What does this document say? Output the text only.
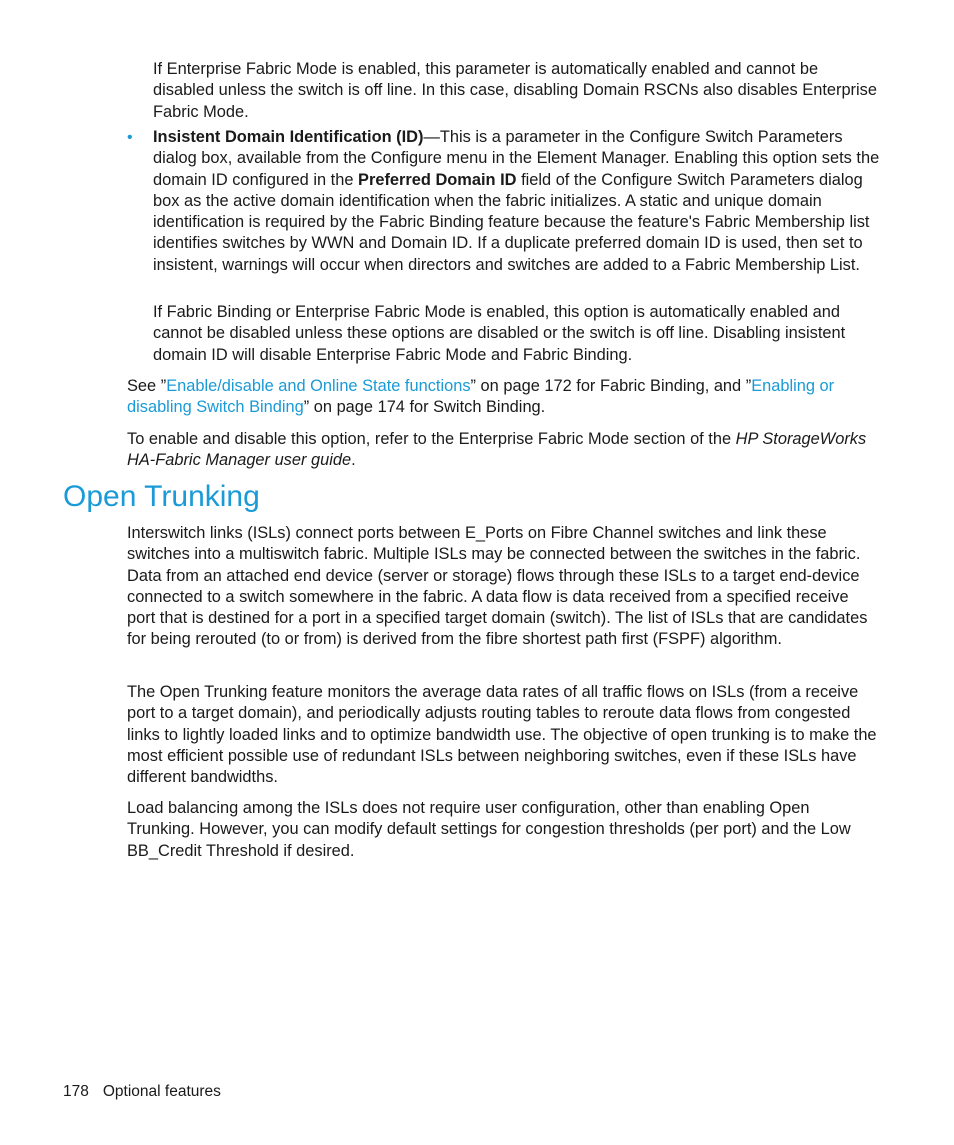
If Enterprise Fabric Mode is enabled, this parameter is automatically enabled and cannot be disabled unless the switch is off line. In this case, disabling Domain RSCNs also disables Enterprise Fabric Mode.

• Insistent Domain Identification (ID)—This is a parameter in the Configure Switch Parameters dialog box, available from the Configure menu in the Element Manager. Enabling this option sets the domain ID configured in the Preferred Domain ID field of the Configure Switch Parameters dialog box as the active domain identification when the fabric initializes. A static and unique domain identification is required by the Fabric Binding feature because the feature's Fabric Membership list identifies switches by WWN and Domain ID. If a duplicate preferred domain ID is used, then set to insistent, warnings will occur when directors and switches are added to a Fabric Membership List.

If Fabric Binding or Enterprise Fabric Mode is enabled, this option is automatically enabled and cannot be disabled unless these options are disabled or the switch is off line. Disabling insistent domain ID will disable Enterprise Fabric Mode and Fabric Binding.

See ”Enable/disable and Online State functions” on page 172 for Fabric Binding, and ”Enabling or disabling Switch Binding” on page 174 for Switch Binding.

To enable and disable this option, refer to the Enterprise Fabric Mode section of the HP StorageWorks HA-Fabric Manager user guide.

Open Trunking

Interswitch links (ISLs) connect ports between E_Ports on Fibre Channel switches and link these switches into a multiswitch fabric. Multiple ISLs may be connected between the switches in the fabric. Data from an attached end device (server or storage) flows through these ISLs to a target end-device connected to a switch somewhere in the fabric. A data flow is data received from a specified receive port that is destined for a port in a specified target domain (switch). The list of ISLs that are candidates for being rerouted (to or from) is derived from the fibre shortest path first (FSPF) algorithm.

The Open Trunking feature monitors the average data rates of all traffic flows on ISLs (from a receive port to a target domain), and periodically adjusts routing tables to reroute data flows from congested links to lightly loaded links and to optimize bandwidth use. The objective of open trunking is to make the most efficient possible use of redundant ISLs between neighboring switches, even if these ISLs have different bandwidths.

Load balancing among the ISLs does not require user configuration, other than enabling Open Trunking. However, you can modify default settings for congestion thresholds (per port) and the Low BB_Credit Threshold if desired.

178 Optional features
